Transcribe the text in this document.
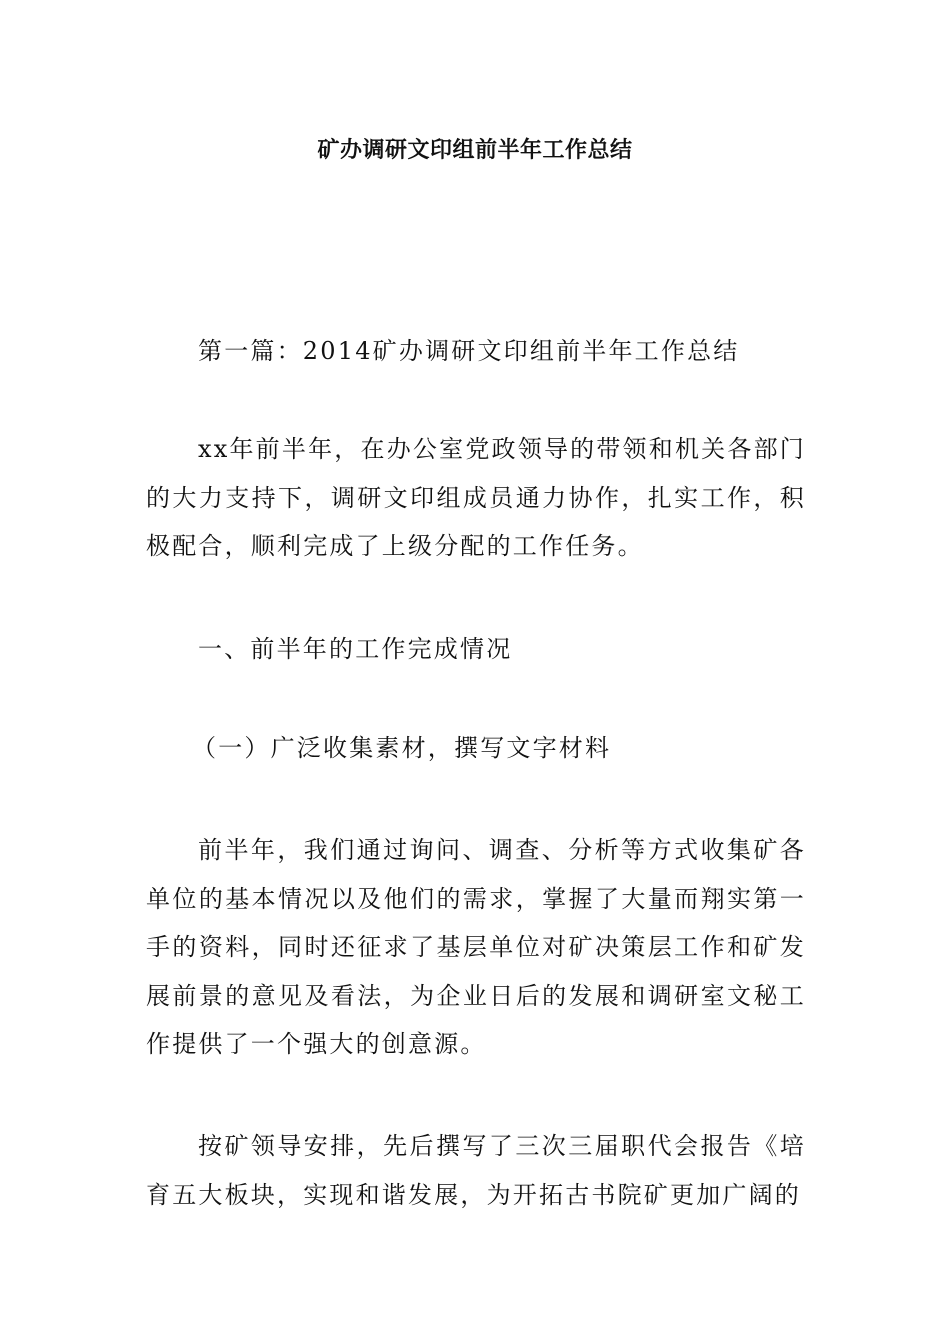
矿办调研文印组前半年工作总结

第一篇：2014矿办调研文印组前半年工作总结

xx年前半年，在办公室党政领导的带领和机关各部门的大力支持下，调研文印组成员通力协作，扎实工作，积极配合，顺利完成了上级分配的工作任务。

一、前半年的工作完成情况

（一）广泛收集素材，撰写文字材料

前半年，我们通过询问、调查、分析等方式收集矿各单位的基本情况以及他们的需求，掌握了大量而翔实第一手的资料，同时还征求了基层单位对矿决策层工作和矿发展前景的意见及看法，为企业日后的发展和调研室文秘工作提供了一个强大的创意源。

按矿领导安排，先后撰写了三次三届职代会报告《培育五大板块，实现和谐发展，为开拓古书院矿更加广阔的
